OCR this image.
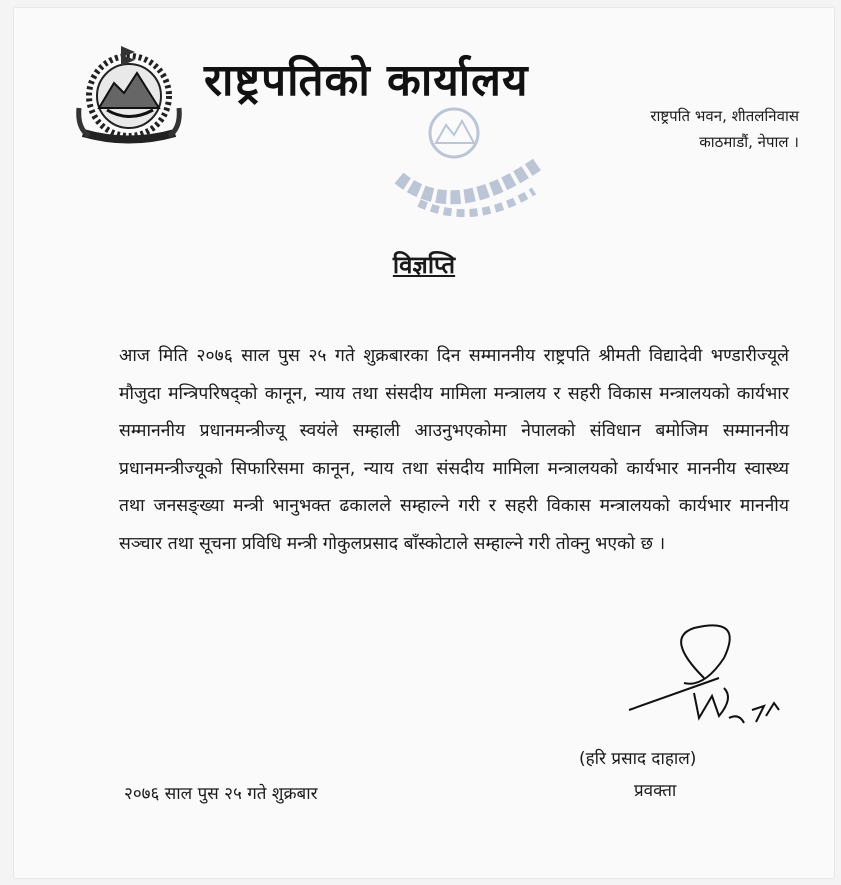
राष्ट्रपतिको कार्यालय
राष्ट्रपति भवन, शीतलनिवास
काठमाडौं, नेपाल ।
विज्ञप्ति
आज मिति २०७६ साल पुस २५ गते शुक्रबारका दिन सम्माननीय राष्ट्रपति श्रीमती विद्यादेवी भण्डारीज्यूले मौजुदा मन्त्रिपरिषद्को कानून, न्याय तथा संसदीय मामिला मन्त्रालय र सहरी विकास मन्त्रालयको कार्यभार सम्माननीय प्रधानमन्त्रीज्यू स्वयंले सम्हाली आउनुभएकोमा नेपालको संविधान बमोजिम सम्माननीय प्रधानमन्त्रीज्यूको सिफारिसमा कानून, न्याय तथा संसदीय मामिला मन्त्रालयको कार्यभार माननीय स्वास्थ्य तथा जनसङ्ख्या मन्त्री भानुभक्त ढकालले सम्हाल्ने गरी र सहरी विकास मन्त्रालयको कार्यभार माननीय सञ्चार तथा सूचना प्रविधि मन्त्री गोकुलप्रसाद बाँस्कोटाले सम्हाल्ने गरी तोक्नु भएको छ ।
(हरि प्रसाद दाहाल)
प्रवक्ता
२०७६ साल पुस २५ गते शुक्रबार
